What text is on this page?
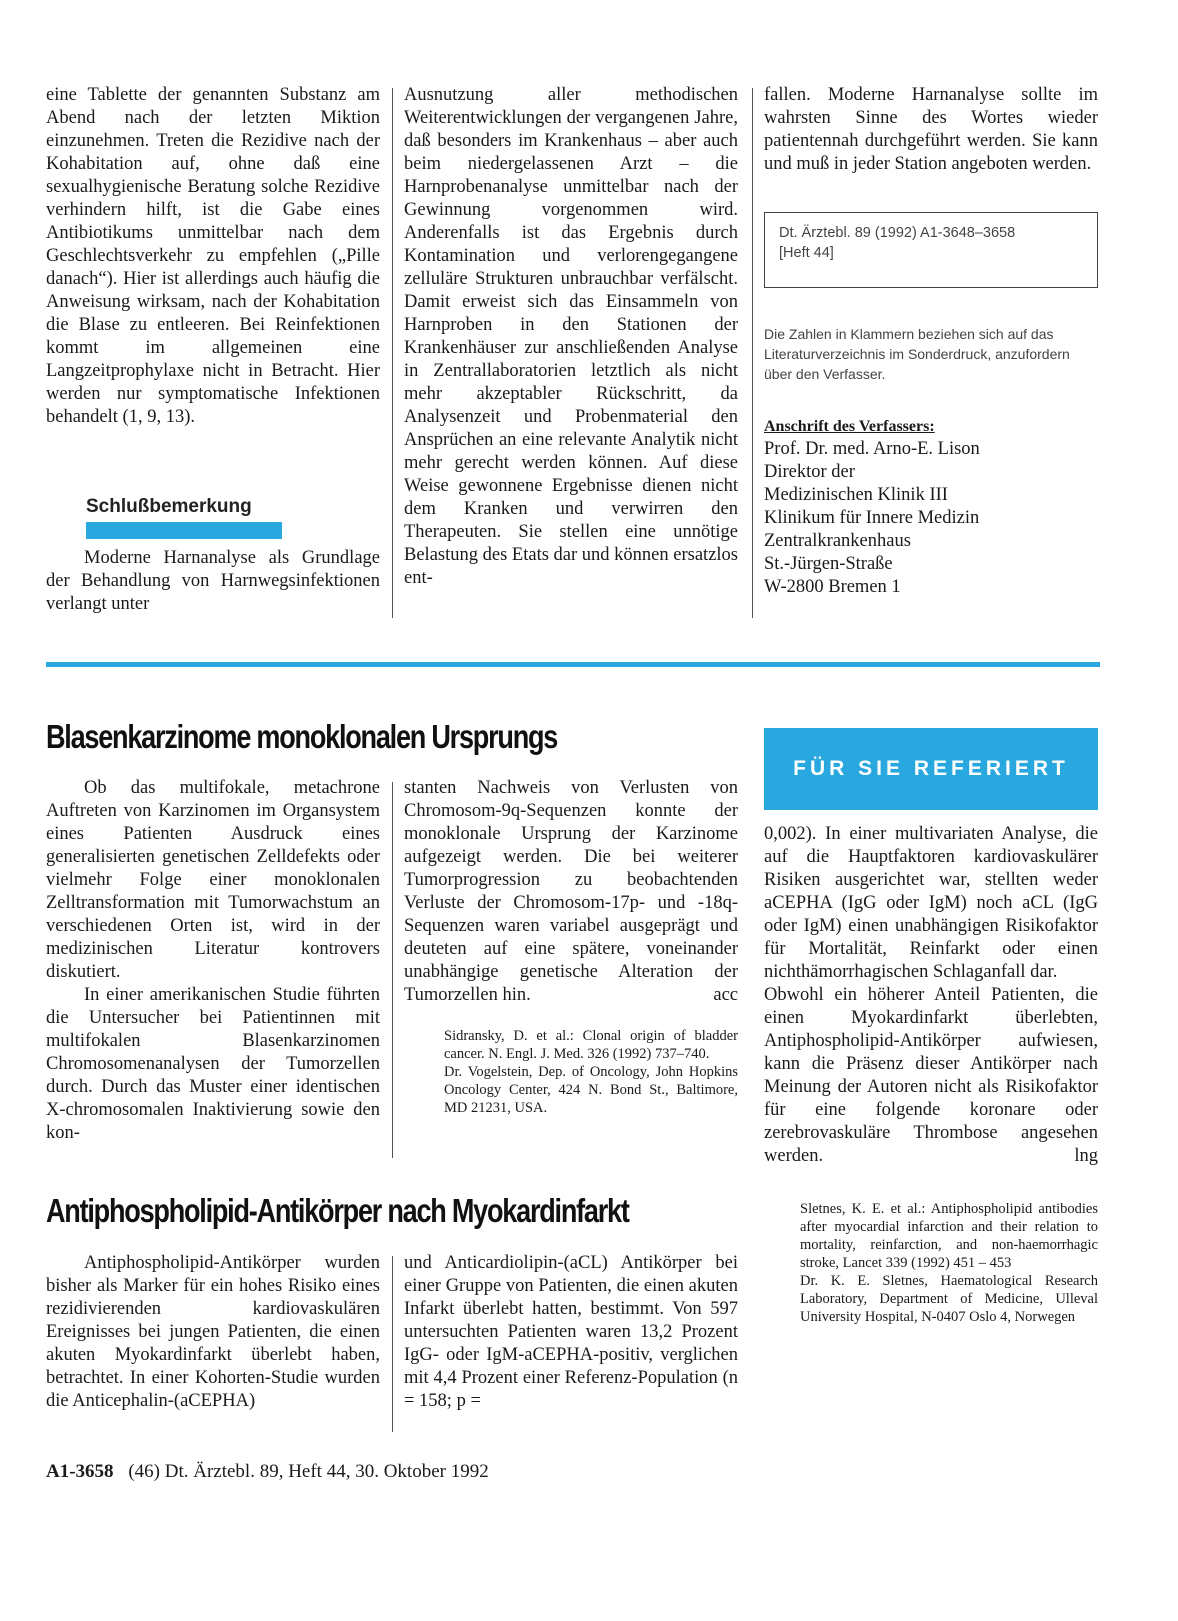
eine Tablette der genannten Substanz am Abend nach der letzten Miktion einzunehmen. Treten die Rezidive nach der Kohabitation auf, ohne daß eine sexualhygienische Beratung solche Rezidive verhindern hilft, ist die Gabe eines Antibiotikums unmittelbar nach dem Geschlechtsverkehr zu empfehlen („Pille danach“). Hier ist allerdings auch häufig die Anweisung wirksam, nach der Kohabitation die Blase zu entleeren. Bei Reinfektionen kommt im allgemeinen eine Langzeitprophylaxe nicht in Betracht. Hier werden nur symptomatische Infektionen behandelt (1, 9, 13).

Schlußbemerkung

Moderne Harnanalyse als Grundlage der Behandlung von Harnwegsinfektionen verlangt unter

Ausnutzung aller methodischen Weiterentwicklungen der vergangenen Jahre, daß besonders im Krankenhaus – aber auch beim niedergelassenen Arzt – die Harnprobenanalyse unmittelbar nach der Gewinnung vorgenommen wird. Anderenfalls ist das Ergebnis durch Kontamination und verlorengegangene zelluläre Strukturen unbrauchbar verfälscht. Damit erweist sich das Einsammeln von Harnproben in den Stationen der Krankenhäuser zur anschließenden Analyse in Zentrallaboratorien letztlich als nicht mehr akzeptabler Rückschritt, da Analysenzeit und Probenmaterial den Ansprüchen an eine relevante Analytik nicht mehr gerecht werden können. Auf diese Weise gewonnene Ergebnisse dienen nicht dem Kranken und verwirren den Therapeuten. Sie stellen eine unnötige Belastung des Etats dar und können ersatzlos ent-

fallen. Moderne Harnanalyse sollte im wahrsten Sinne des Wortes wieder patientennah durchgeführt werden. Sie kann und muß in jeder Station angeboten werden.

Dt. Ärztebl. 89 (1992) A1-3648–3658
[Heft 44]

Die Zahlen in Klammern beziehen sich auf das Literaturverzeichnis im Sonderdruck, anzufordern über den Verfasser.

Anschrift des Verfassers:

Prof. Dr. med. Arno-E. Lison
Direktor der
Medizinischen Klinik III
Klinikum für Innere Medizin
Zentralkrankenhaus
St.-Jürgen-Straße
W-2800 Bremen 1

Blasenkarzinome monoklonalen Ursprungs

Ob das multifokale, metachrone Auftreten von Karzinomen im Organsystem eines Patienten Ausdruck eines generalisierten genetischen Zelldefekts oder vielmehr Folge einer monoklonalen Zelltransformation mit Tumorwachstum an verschiedenen Orten ist, wird in der medizinischen Literatur kontrovers diskutiert.

In einer amerikanischen Studie führten die Untersucher bei Patientinnen mit multifokalen Blasenkarzinomen Chromosomenanalysen der Tumorzellen durch. Durch das Muster einer identischen X-chromosomalen Inaktivierung sowie den kon-

stanten Nachweis von Verlusten von Chromosom-9q-Sequenzen konnte der monoklonale Ursprung der Karzinome aufgezeigt werden. Die bei weiterer Tumorprogression zu beobachtenden Verluste der Chromosom-17p- und -18q-Sequenzen waren variabel ausgeprägt und deuteten auf eine spätere, voneinander unabhängige genetische Alteration der Tumorzellen hin.	acc

Sidransky, D. et al.: Clonal origin of bladder cancer. N. Engl. J. Med. 326 (1992) 737–740.

Dr. Vogelstein, Dep. of Oncology, John Hopkins Oncology Center, 424 N. Bond St., Baltimore, MD 21231, USA.

FÜR SIE REFERIERT

0,002). In einer multivariaten Analyse, die auf die Hauptfaktoren kardiovaskulärer Risiken ausgerichtet war, stellten weder aCEPHA (IgG oder IgM) noch aCL (IgG oder IgM) einen unabhängigen Risikofaktor für Mortalität, Reinfarkt oder einen nichthämorrhagischen Schlaganfall dar.

Obwohl ein höherer Anteil Patienten, die einen Myokardinfarkt überlebten, Antiphospholipid-Antikörper aufwiesen, kann die Präsenz dieser Antikörper nach Meinung der Autoren nicht als Risikofaktor für eine folgende koronare oder zerebrovaskuläre Thrombose angesehen werden.	lng

Sletnes, K. E. et al.: Antiphospholipid antibodies after myocardial infarction and their relation to mortality, reinfarction, and non-haemorrhagic stroke, Lancet 339 (1992) 451 – 453

Dr. K. E. Sletnes, Haematological Research Laboratory, Department of Medicine, Ulleval University Hospital, N-0407 Oslo 4, Norwegen

Antiphospholipid-Antikörper nach Myokardinfarkt

Antiphospholipid-Antikörper wurden bisher als Marker für ein hohes Risiko eines rezidivierenden kardiovaskulären Ereignisses bei jungen Patienten, die einen akuten Myokardinfarkt überlebt haben, betrachtet. In einer Kohorten-Studie wurden die Anticephalin-(aCEPHA)

und Anticardiolipin-(aCL) Antikörper bei einer Gruppe von Patienten, die einen akuten Infarkt überlebt hatten, bestimmt. Von 597 untersuchten Patienten waren 13,2 Prozent IgG- oder IgM-aCEPHA-positiv, verglichen mit 4,4 Prozent einer Referenz-Population (n = 158; p =

A1-3658 (46) Dt. Ärztebl. 89, Heft 44, 30. Oktober 1992
